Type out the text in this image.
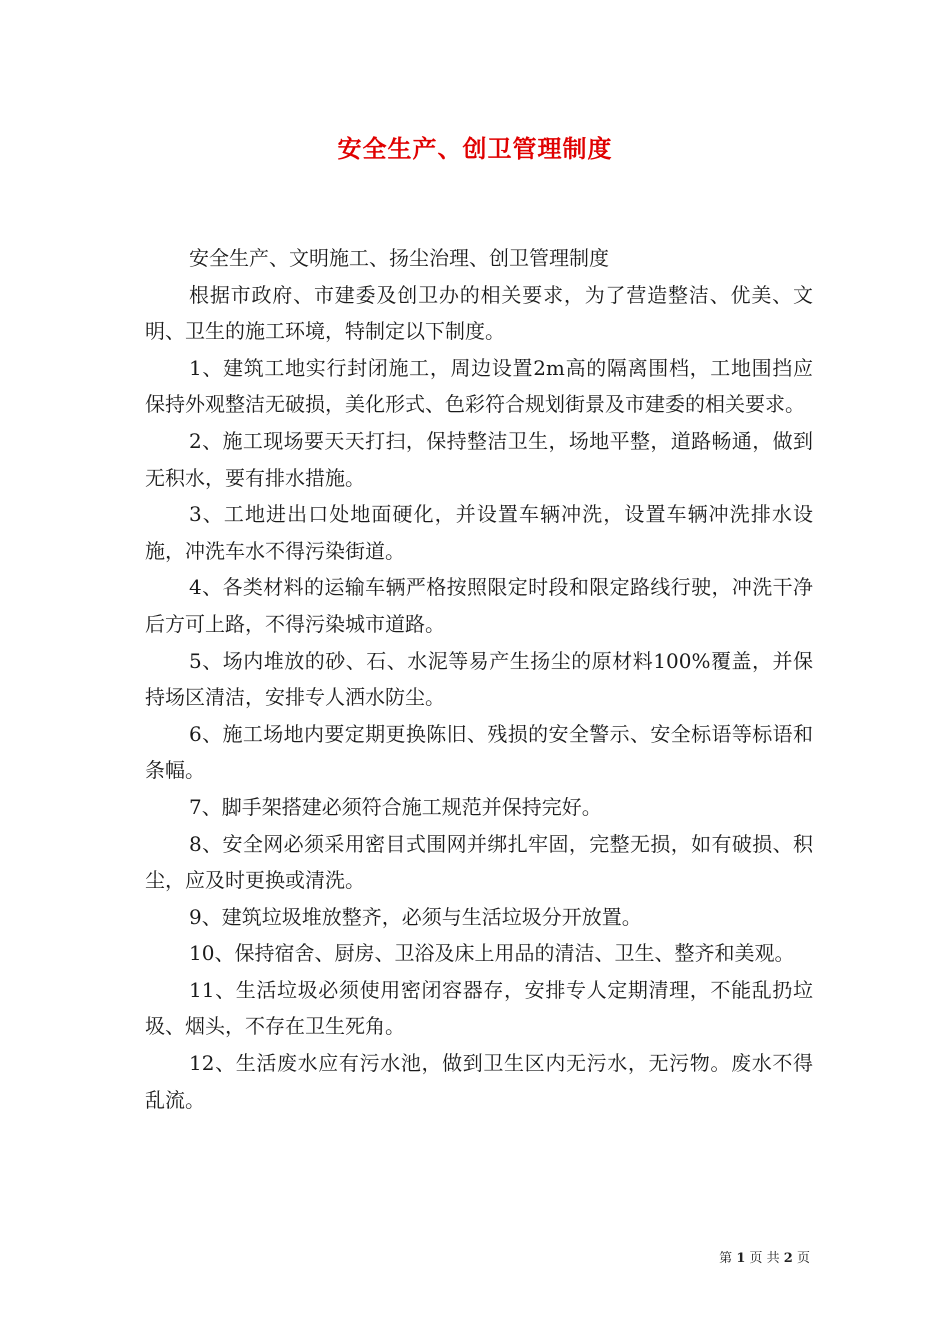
安全生产、创卫管理制度

安全生产、文明施工、扬尘治理、创卫管理制度

根据市政府、市建委及创卫办的相关要求，为了营造整洁、优美、文明、卫生的施工环境，特制定以下制度。

1、建筑工地实行封闭施工，周边设置2m高的隔离围档，工地围挡应保持外观整洁无破损，美化形式、色彩符合规划街景及市建委的相关要求。

2、施工现场要天天打扫，保持整洁卫生，场地平整，道路畅通，做到无积水，要有排水措施。

3、工地进出口处地面硬化，并设置车辆冲洗，设置车辆冲洗排水设施，冲洗车水不得污染街道。

4、各类材料的运输车辆严格按照限定时段和限定路线行驶，冲洗干净后方可上路，不得污染城市道路。

5、场内堆放的砂、石、水泥等易产生扬尘的原材料100%覆盖，并保持场区清洁，安排专人洒水防尘。

6、施工场地内要定期更换陈旧、残损的安全警示、安全标语等标语和条幅。

7、脚手架搭建必须符合施工规范并保持完好。

8、安全网必须采用密目式围网并绑扎牢固，完整无损，如有破损、积尘，应及时更换或清洗。

9、建筑垃圾堆放整齐，必须与生活垃圾分开放置。

10、保持宿舍、厨房、卫浴及床上用品的清洁、卫生、整齐和美观。

11、生活垃圾必须使用密闭容器存，安排专人定期清理，不能乱扔垃圾、烟头，不存在卫生死角。

12、生活废水应有污水池，做到卫生区内无污水，无污物。废水不得乱流。

第 1 页 共 2 页
